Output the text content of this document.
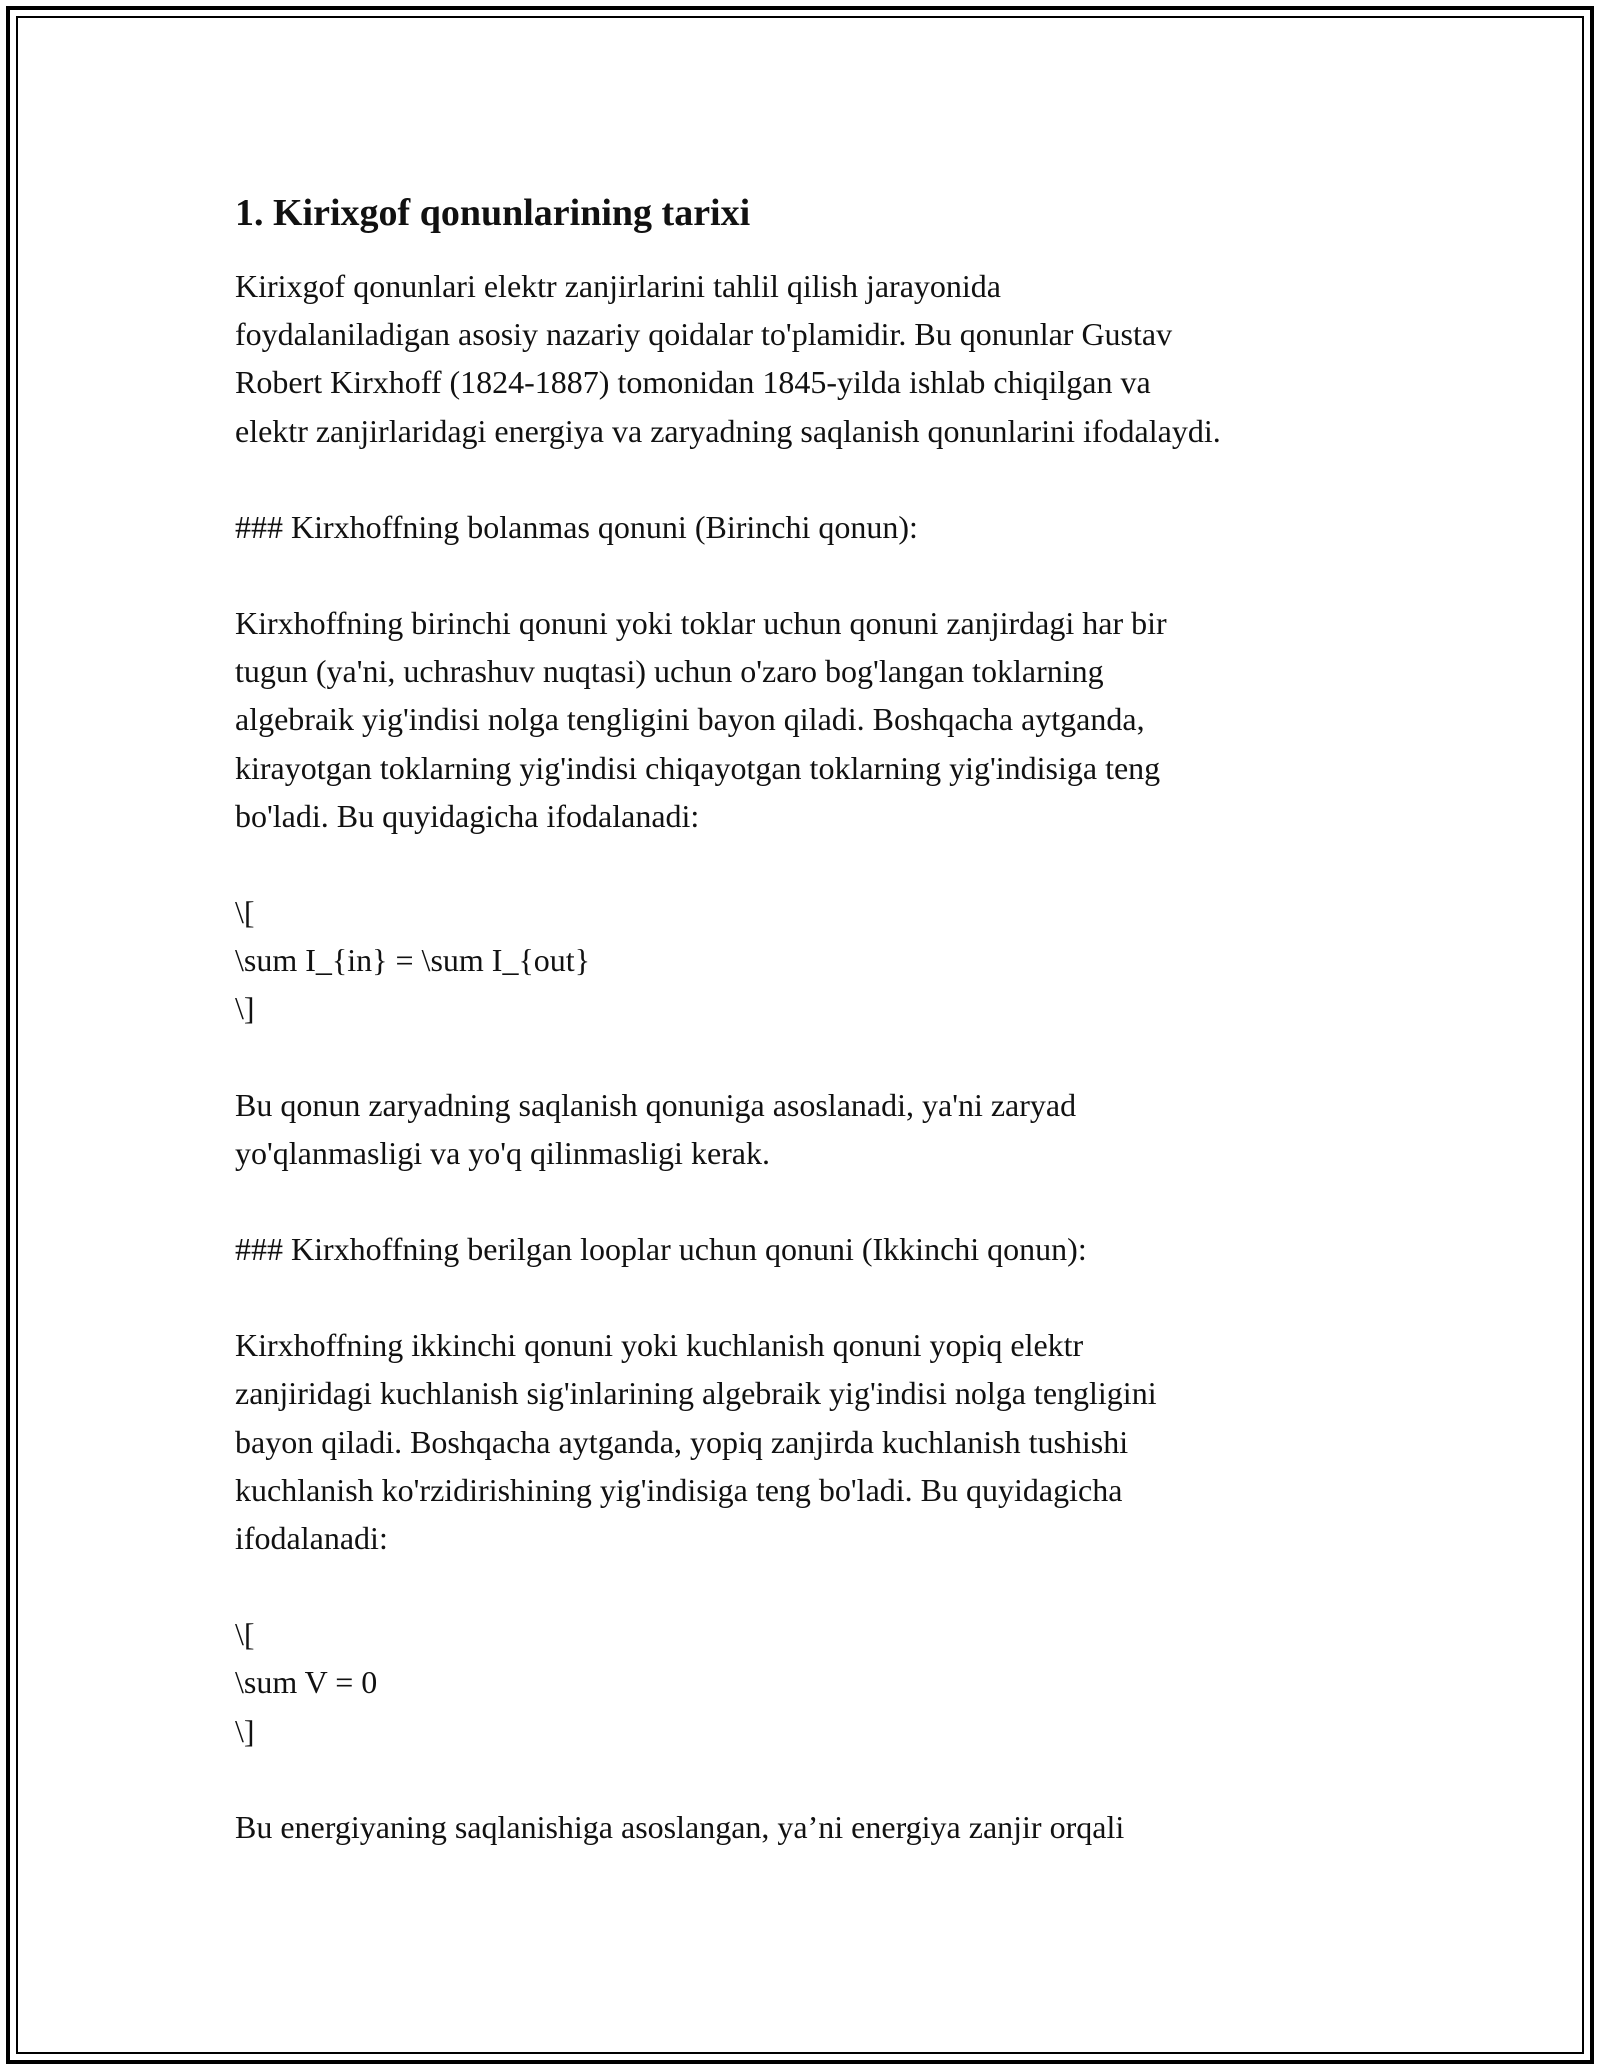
1. Kirixgof qonunlarining tarixi

Kirixgof qonunlari elektr zanjirlarini tahlil qilish jarayonida
foydalaniladigan asosiy nazariy qoidalar to'plamidir. Bu qonunlar Gustav
Robert Kirxhoff (1824-1887) tomonidan 1845-yilda ishlab chiqilgan va
elektr zanjirlaridagi energiya va zaryadning saqlanish qonunlarini ifodalaydi.

### Kirxhoffning bolanmas qonuni (Birinchi qonun):

Kirxhoffning birinchi qonuni yoki toklar uchun qonuni zanjirdagi har bir
tugun (ya'ni, uchrashuv nuqtasi) uchun o'zaro bog'langan toklarning
algebraik yig'indisi nolga tengligini bayon qiladi. Boshqacha aytganda,
kirayotgan toklarning yig'indisi chiqayotgan toklarning yig'indisiga teng
bo'ladi. Bu quyidagicha ifodalanadi:

\[
\sum I_{in} = \sum I_{out}
\]

Bu qonun zaryadning saqlanish qonuniga asoslanadi, ya'ni zaryad
yo'qlanmasligi va yo'q qilinmasligi kerak.

### Kirxhoffning berilgan looplar uchun qonuni (Ikkinchi qonun):

Kirxhoffning ikkinchi qonuni yoki kuchlanish qonuni yopiq elektr
zanjiridagi kuchlanish sig'inlarining algebraik yig'indisi nolga tengligini
bayon qiladi. Boshqacha aytganda, yopiq zanjirda kuchlanish tushishi
kuchlanish ko'rzidirishining yig'indisiga teng bo'ladi. Bu quyidagicha
ifodalanadi:

\[
\sum V = 0
\]

Bu energiyaning saqlanishiga asoslangan, ya’ni energiya zanjir orqali
